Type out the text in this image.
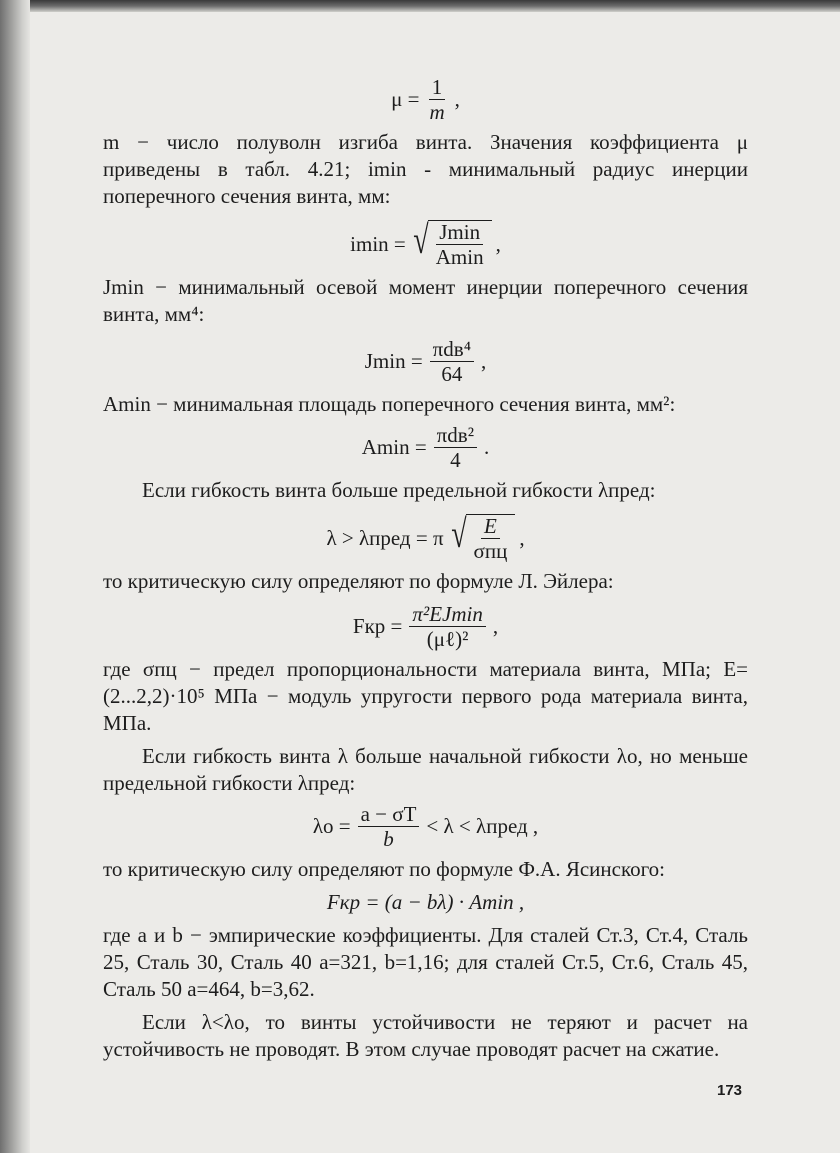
$\mu = \frac{1}{m}$ ,

m − число полуволн изгиба винта. Значения коэффициента μ приведены в табл. 4.21; imin - минимальный радиус инерции поперечного сечения винта, мм:

imin = √ $\frac{Jmin}{Amin}$ ,

Jmin − минимальный осевой момент инерции поперечного сечения винта, мм⁴:

$Jmin = \frac{\text{πdв⁴}}{64}$ ,

Amin − минимальная площадь поперечного сечения винта, мм²:

$Amin = \frac{\text{πdв²}}{4}$ .

Если гибкость винта больше предельной гибкости λпред:

λ > λпред = π √ $\frac{E}{\text{σпц}}$ ,

то критическую силу определяют по формуле Л. Эйлера:

Fкр = $\frac{\text{π²EJmin}}{\text{(μℓ)²}}$ ,

где σпц − предел пропорциональности материала винта, МПа; E=(2...2,2)·10⁵ МПа − модуль упругости первого рода материала винта, МПа.

Если гибкость винта λ больше начальной гибкости λo, но меньше предельной гибкости λпред:

$\lambda o = \frac{a - \sigma T}{b} < \lambda$ < λпред ,

то критическую силу определяют по формуле Ф.А. Ясинского:

Fкр = (a − bλ) · Amin ,

где a и b − эмпирические коэффициенты. Для сталей Ст.3, Ст.4, Сталь 25, Сталь 30, Сталь 40 a=321, b=1,16; для сталей Ст.5, Ст.6, Сталь 45, Сталь 50 a=464, b=3,62.

Если λ<λo, то винты устойчивости не теряют и расчет на устойчивость не проводят. В этом случае проводят расчет на сжатие.

173
